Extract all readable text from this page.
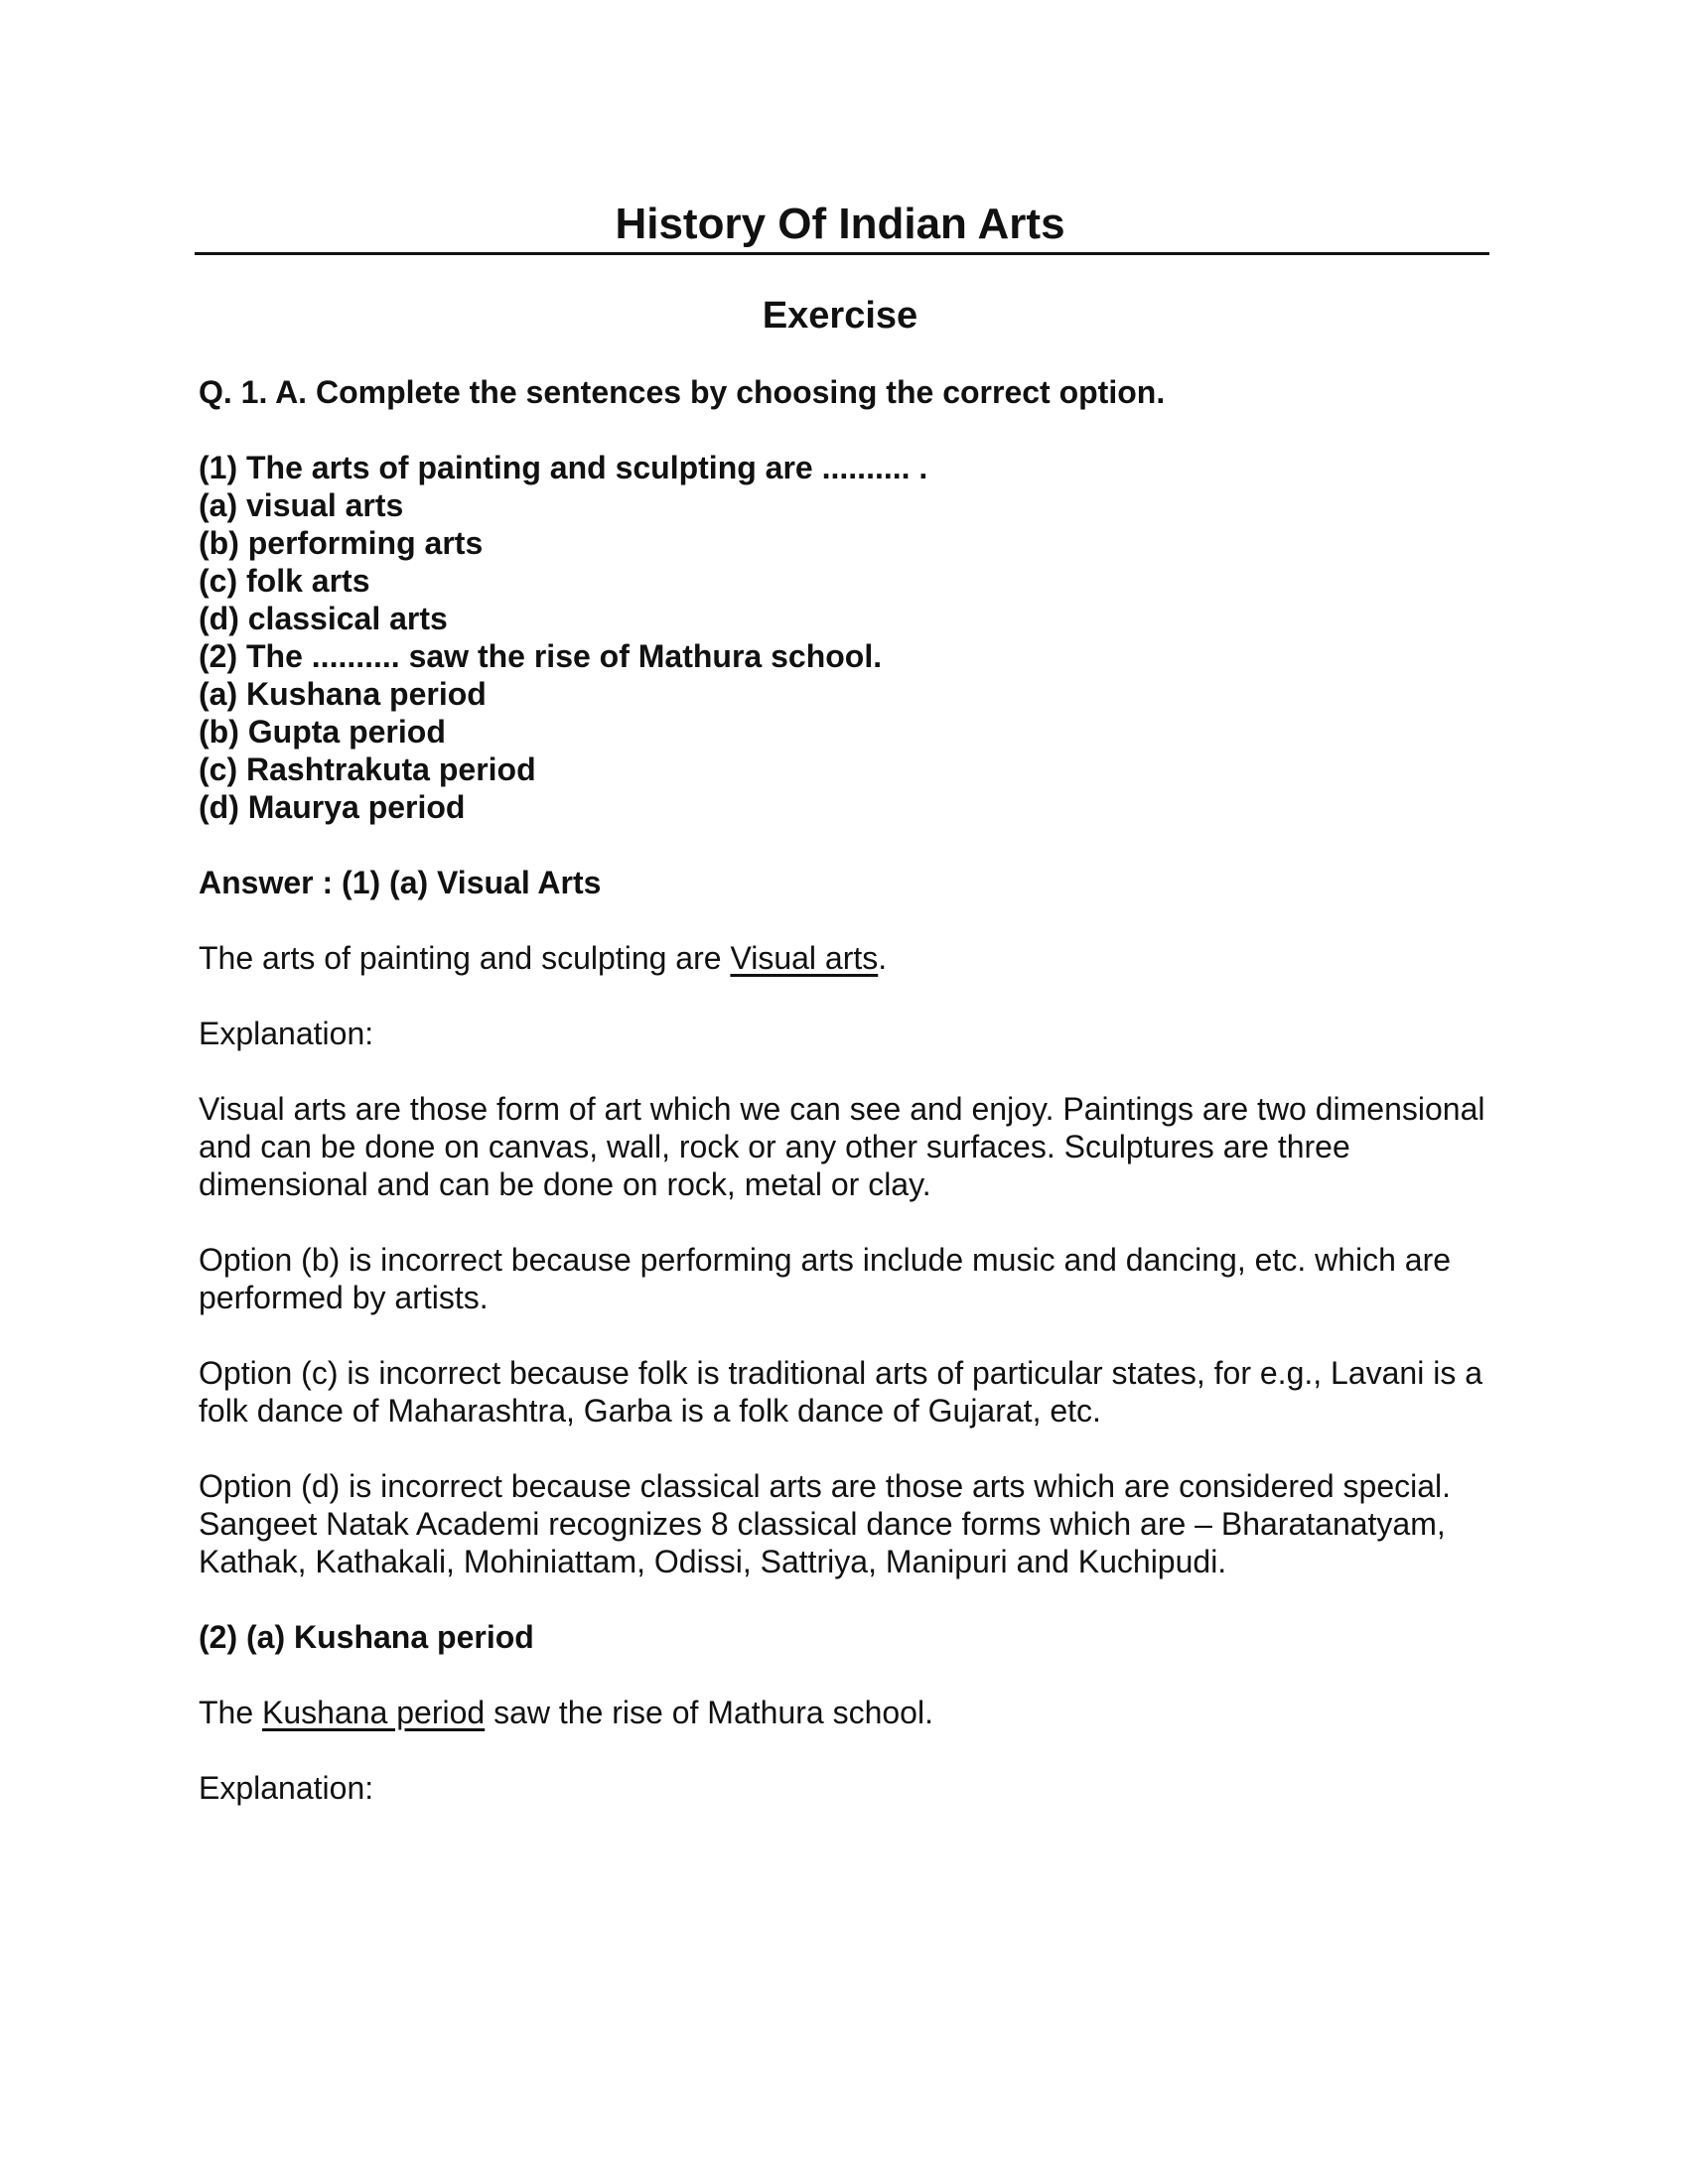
History Of Indian Arts
Exercise

Q. 1. A. Complete the sentences by choosing the correct option.

(1) The arts of painting and sculpting are .......... .

(a) visual arts

(b) performing arts

(c) folk arts

(d) classical arts

(2) The .......... saw the rise of Mathura school.

(a) Kushana period

(b) Gupta period

(c) Rashtrakuta period

(d) Maurya period

Answer : (1) (a) Visual Arts

The arts of painting and sculpting are Visual arts.

Explanation:

Visual arts are those form of art which we can see and enjoy. Paintings are two dimensional and can be done on canvas, wall, rock or any other surfaces. Sculptures are three dimensional and can be done on rock, metal or clay.

Option (b) is incorrect because performing arts include music and dancing, etc. which are performed by artists.

Option (c) is incorrect because folk is traditional arts of particular states, for e.g., Lavani is a folk dance of Maharashtra, Garba is a folk dance of Gujarat, etc.

Option (d) is incorrect because classical arts are those arts which are considered special. Sangeet Natak Academi recognizes 8 classical dance forms which are – Bharatanatyam, Kathak, Kathakali, Mohiniattam, Odissi, Sattriya, Manipuri and Kuchipudi.

(2) (a) Kushana period

The Kushana period saw the rise of Mathura school.

Explanation:
